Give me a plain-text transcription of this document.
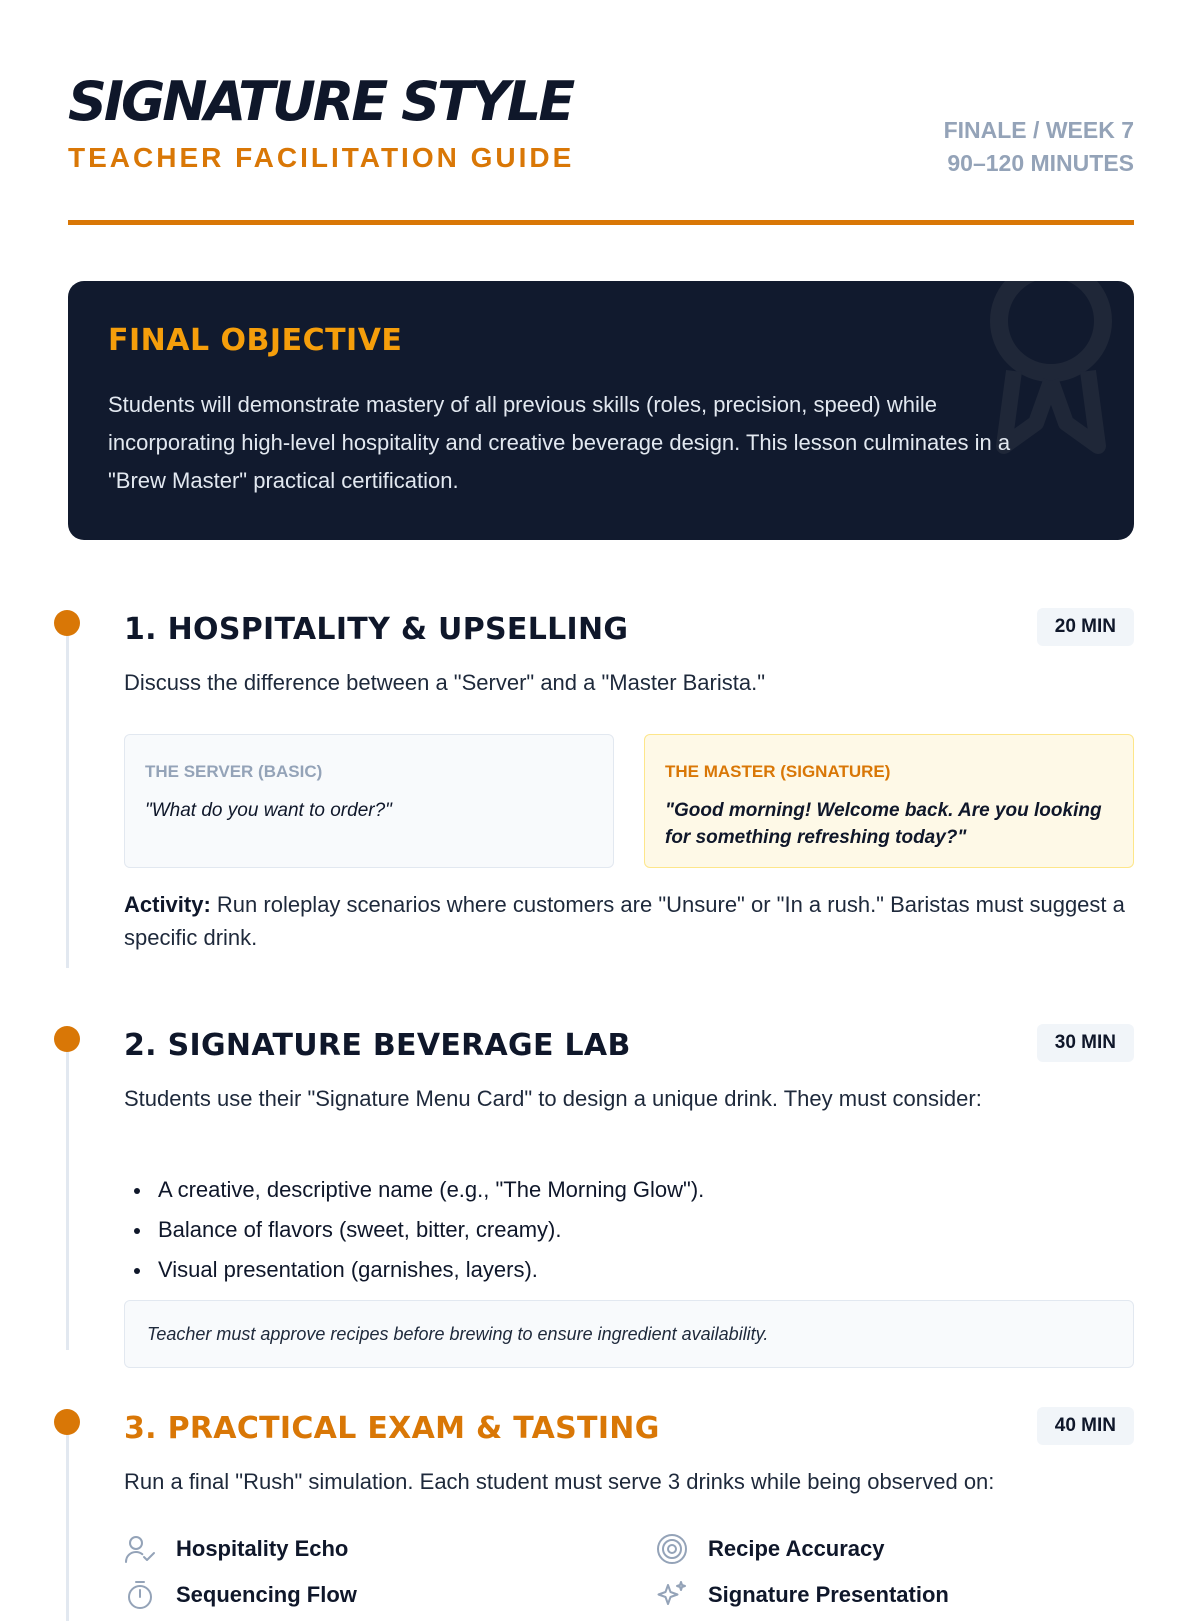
SIGNATURE STYLE
TEACHER FACILITATION GUIDE
FINALE / WEEK 7
90–120 MINUTES
FINAL OBJECTIVE
Students will demonstrate mastery of all previous skills (roles, precision, speed) while incorporating high-level hospitality and creative beverage design. This lesson culminates in a "Brew Master" practical certification.
1. HOSPITALITY & UPSELLING	20 MIN
Discuss the difference between a "Server" and a "Master Barista."
THE SERVER (BASIC)
"What do you want to order?"
THE MASTER (SIGNATURE)
"Good morning! Welcome back. Are you looking for something refreshing today?"
Activity: Run roleplay scenarios where customers are "Unsure" or "In a rush." Baristas must suggest a specific drink.
2. SIGNATURE BEVERAGE LAB	30 MIN
Students use their "Signature Menu Card" to design a unique drink. They must consider:
A creative, descriptive name (e.g., "The Morning Glow").
Balance of flavors (sweet, bitter, creamy).
Visual presentation (garnishes, layers).
Teacher must approve recipes before brewing to ensure ingredient availability.
3. PRACTICAL EXAM & TASTING	40 MIN
Run a final "Rush" simulation. Each student must serve 3 drinks while being observed on:
Hospitality Echo	Recipe Accuracy
Sequencing Flow	Signature Presentation
